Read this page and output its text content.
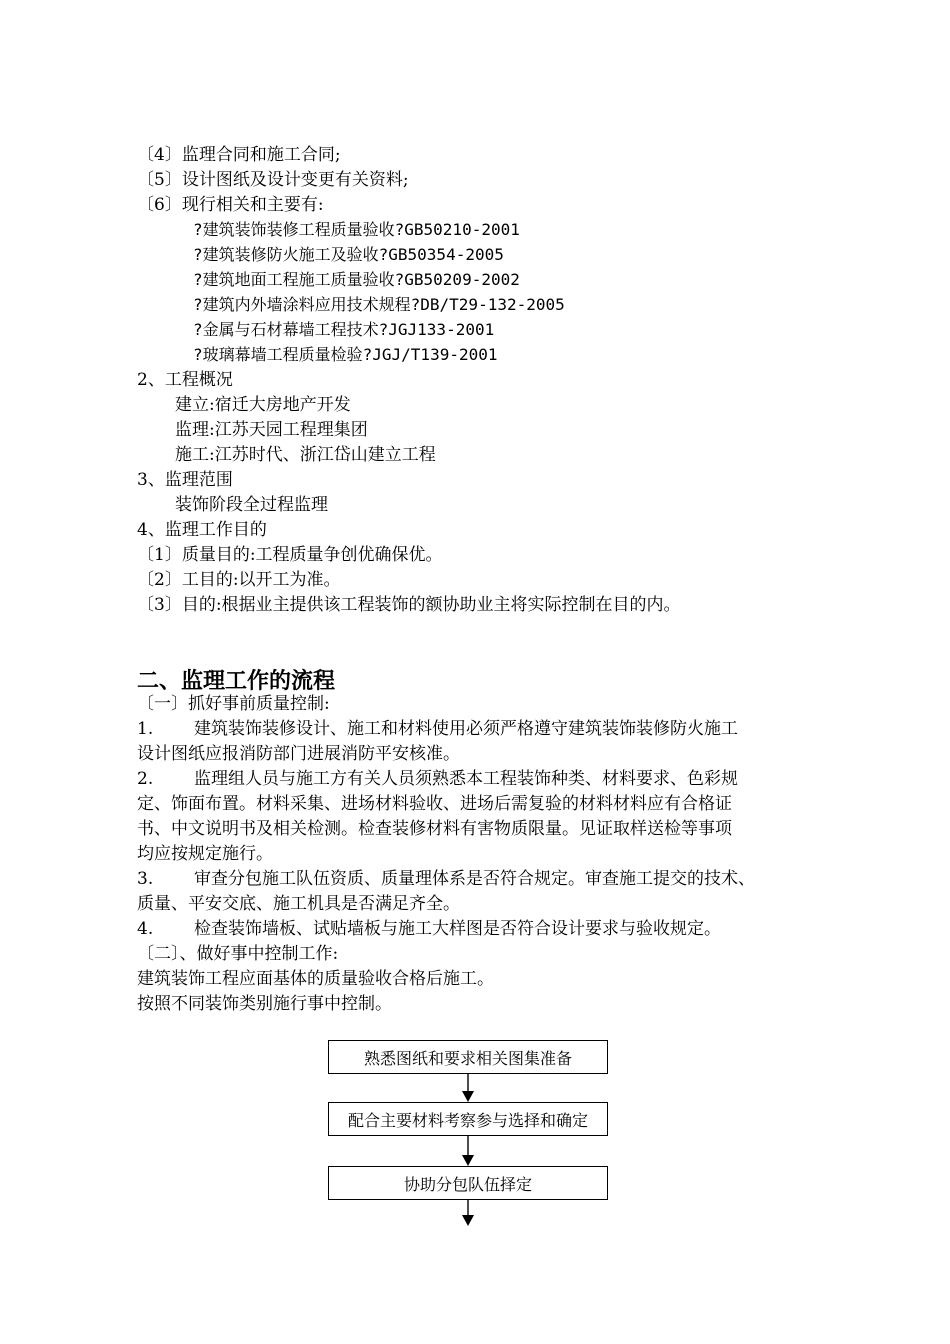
〔4〕监理合同和施工合同;
〔5〕设计图纸及设计变更有关资料;
〔6〕现行相关和主要有:
?建筑装饰装修工程质量验收?GB50210-2001
?建筑装修防火施工及验收?GB50354-2005
?建筑地面工程施工质量验收?GB50209-2002
?建筑内外墙涂料应用技术规程?DB/T29-132-2005
?金属与石材幕墙工程技术?JGJ133-2001
?玻璃幕墙工程质量检验?JGJ/T139-2001
2、工程概况
建立:宿迁大房地产开发
监理:江苏天园工程理集团
施工:江苏时代、浙江岱山建立工程
3、监理范围
装饰阶段全过程监理
4、监理工作目的
〔1〕质量目的:工程质量争创优确保优。
〔2〕工目的:以开工为准。
〔3〕目的:根据业主提供该工程装饰的额协助业主将实际控制在目的内。
二、监理工作的流程
〔一〕抓好事前质量控制:
1. 建筑装饰装修设计、施工和材料使用必须严格遵守建筑装饰装修防火施工
设计图纸应报消防部门进展消防平安核准。
2. 监理组人员与施工方有关人员须熟悉本工程装饰种类、材料要求、色彩规
定、饰面布置。材料采集、进场材料验收、进场后需复验的材料材料应有合格证
书、中文说明书及相关检测。检查装修材料有害物质限量。见证取样送检等事项
均应按规定施行。
3. 审查分包施工队伍资质、质量理体系是否符合规定。审查施工提交的技术、
质量、平安交底、施工机具是否满足齐全。
4. 检查装饰墙板、试贴墙板与施工大样图是否符合设计要求与验收规定。
〔二〕、做好事中控制工作:
建筑装饰工程应面基体的质量验收合格后施工。
按照不同装饰类别施行事中控制。
熟悉图纸和要求相关图集准备
配合主要材料考察参与选择和确定
协助分包队伍择定
